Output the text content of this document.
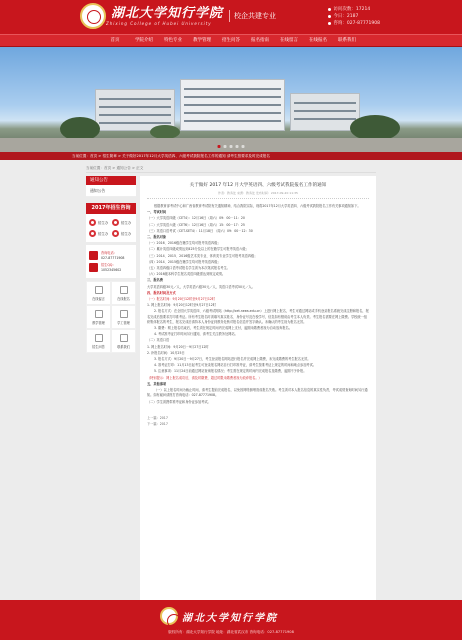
湖北大学知行学院
Zhixing College of Hubei University
校企共建专业
访问次数：17214
今日：2187
咨询：027-87771908
首页	学院介绍	特色专业	教学管理	招生问答	报名指南	在线留言	在线报名	联系我们
当前位置：首页 > 招生简章 > 关于做好2017年12月大学英语四、六级考试我院报名工作的通知 请考生按要求及时完成报名
当前位置：首页 > 通知公告 > 正文
通知公告
通知公告
2017年招生咨询
招生办	招生办
招生办	招生办
咨询电话：
027-87771908
招生QQ：
1052345602
在线留言	在线报名
教学管理	学工管理
招生问答	联系我们
关于做好 2017 年12 月大学英语四、六级考试我院报名工作的通知
作者：教务处 来源：教务处 发布时间：2017-09-20 11:35
根据教育部考试中心和广西省教育考试院有关通知精神，结合我院实际，现将2017年12月大学英语四、六级考试我院报名工作有关事项通知如下。
一、考试时间
（一）大学英语四级（CET4）：12月16日（周六）09：00－11：20
（二）大学英语六级（CET6）：12月16日（周六）15：00－17：25
（三）英语口语考试（CET-SET4）：11月18日 （周六）09：00－12：30
二、报名对象
（一）2016、2016级在籍学生均可报考英语四级；
（二）累计英语四级成绩达到425分及以上的在籍学生可报考英语六级；
（三）2014、2015、2016级艺术类专业、体育类专业学生可报考英语四级；
（四）2014、2015级在籍学生均可报考英语四级；
（五）英语四级口语考试报名学生须为本次笔试报名考生。
（六）2016级本科学生报名英语四级需达到规定成绩。
三、报名费
大学英语四级30元／人，大学英语六级30元／人，英语口语考试50元／人。
四、报名时间及方式
（一）报名时间：9月20日12时至9月27日12时
1. 网上报名时间：9月20日12时至9月27日12时
2. 报名方式：在全国大学英语四、六级考试网站（http://cet.neea.edu.cn）上进行网上报名，考生可通过网站或手机登录报名系统完成注册和报名，报名完成后按要求打印准考证。所有考生报名时须填写真实姓名、身份证号及在校学号，信息如有错误由考生本人负责。考生报名需要在网上缴费。学校统一组织集体报名的考生，报名完成后请持本人身份证到教务处核对报名信息并签字确认。未确认的考生视为报名无效。
3. 缴费：网上报名结束后，考生须在规定时间内完成网上支付，逾期未缴费者视为自动放弃报名。
4. 考试准考证打印时间另行通知，请考生关注教务处网站。
（二）英语口语
1. 网上报名时间：9月20日－9月27日12时
2. 补报名时间：10月25日
3. 报名方式：9月20日－9月27日，考生登录报名网站进行报名并完成网上缴费，未完成缴费的考生报名无效。
4. 准考证打印：11月13日起考生可登录报名网站自行打印准考证，请考生按准考证上规定的时间和地点参加考试。
5. 注意事项：11月24日前通过网站查询报名情况；考生需在规定的时间内完成报名及缴费，逾期不予补报。
（特别提示：网上报名成功后，请及时缴费，超过时限未缴费者视为放弃报名。）
五、其他事项
（一）以上报名时间为截止时间，请考生提前完成报名，以免因网络拥堵造成报名失败。考生须对本人报名信息的真实性负责，考试成绩查询时间另行通知。如有疑问请拨打咨询电话：027-87771908。
（二）学生须携带准考证和身份证参加考试。
上一篇：2017
下一篇：2017
湖北大学知行学院
版权所有：湖北大学知行学院 地址：湖北省武汉市 咨询电话：027-87771908
